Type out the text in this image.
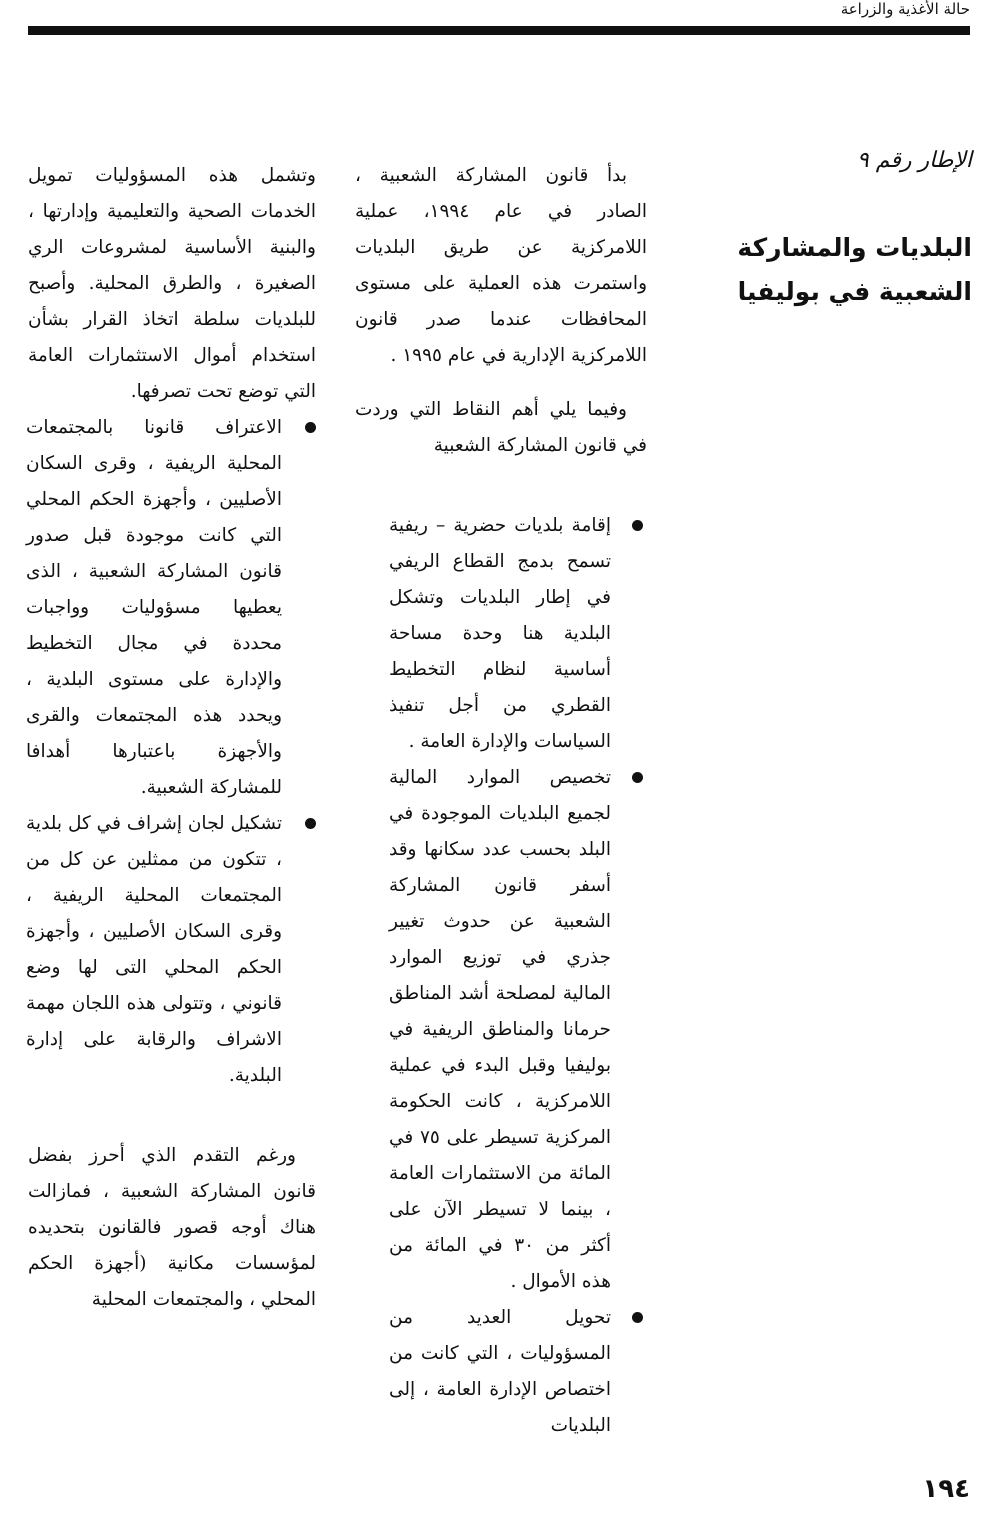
حالة الأغذية والزراعة
الإطار رقم ٩
البلديات والمشاركة
الشعبية في بوليفيا

بدأ قانون المشاركة الشعبية ، الصادر في عام ١٩٩٤، عملية اللامركزية عن طريق البلديات واستمرت هذه العملية على مستوى المحافظات عندما صدر قانون اللامركزية الإدارية في عام ١٩٩٥ .

وفيما يلي أهم النقاط التي وردت في قانون المشاركة الشعبية

إقامة بلديات حضرية – ريفية تسمح بدمج القطاع الريفي في إطار البلديات وتشكل البلدية هنا وحدة مساحة أساسية لنظام التخطيط القطري من أجل تنفيذ السياسات والإدارة العامة .
تخصيص الموارد المالية لجميع البلديات الموجودة في البلد بحسب عدد سكانها وقد أسفر قانون المشاركة الشعبية عن حدوث تغيير جذري في توزيع الموارد المالية لمصلحة أشد المناطق حرمانا والمناطق الريفية في بوليفيا وقبل البدء في عملية اللامركزية ، كانت الحكومة المركزية تسيطر على ٧٥ في المائة من الاستثمارات العامة ، بينما لا تسيطر الآن على أكثر من ٣٠ في المائة من هذه الأموال .
تحويل العديد من المسؤوليات ، التي كانت من اختصاص الإدارة العامة ، إلى البلديات

وتشمل هذه المسؤوليات تمويل الخدمات الصحية والتعليمية وإدارتها ، والبنية الأساسية لمشروعات الري الصغيرة ، والطرق المحلية. وأصبح للبلديات سلطة اتخاذ القرار بشأن استخدام أموال الاستثمارات العامة التي توضع تحت تصرفها.

الاعتراف قانونا بالمجتمعات المحلية الريفية ، وقرى السكان الأصليين ، وأجهزة الحكم المحلي التي كانت موجودة قبل صدور قانون المشاركة الشعبية ، الذى يعطيها مسؤوليات وواجبات محددة في مجال التخطيط والإدارة على مستوى البلدية ، ويحدد هذه المجتمعات والقرى والأجهزة باعتبارها أهدافا للمشاركة الشعبية.
تشكيل لجان إشراف في كل بلدية ، تتكون من ممثلين عن كل من المجتمعات المحلية الريفية ، وقرى السكان الأصليين ، وأجهزة الحكم المحلي التى لها وضع قانوني ، وتتولى هذه اللجان مهمة الاشراف والرقابة على إدارة البلدية.

ورغم التقدم الذي أحرز بفضل قانون المشاركة الشعبية ، فمازالت هناك أوجه قصور فالقانون بتحديده لمؤسسات مكانية (أجهزة الحكم المحلي ، والمجتمعات المحلية

١٩٤
